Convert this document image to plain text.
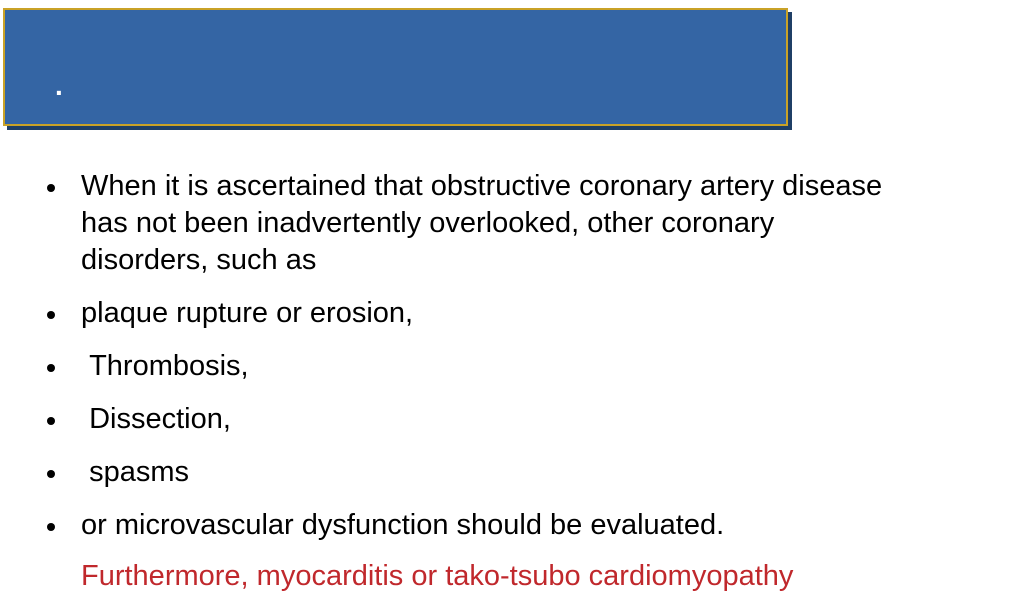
.
When it is ascertained that obstructive coronary artery disease has not been inadvertently overlooked, other coronary disorders, such as
plaque rupture or erosion,
Thrombosis,
Dissection,
spasms
or microvascular dysfunction should be evaluated.
Furthermore, myocarditis or tako-tsubo cardiomyopathy
